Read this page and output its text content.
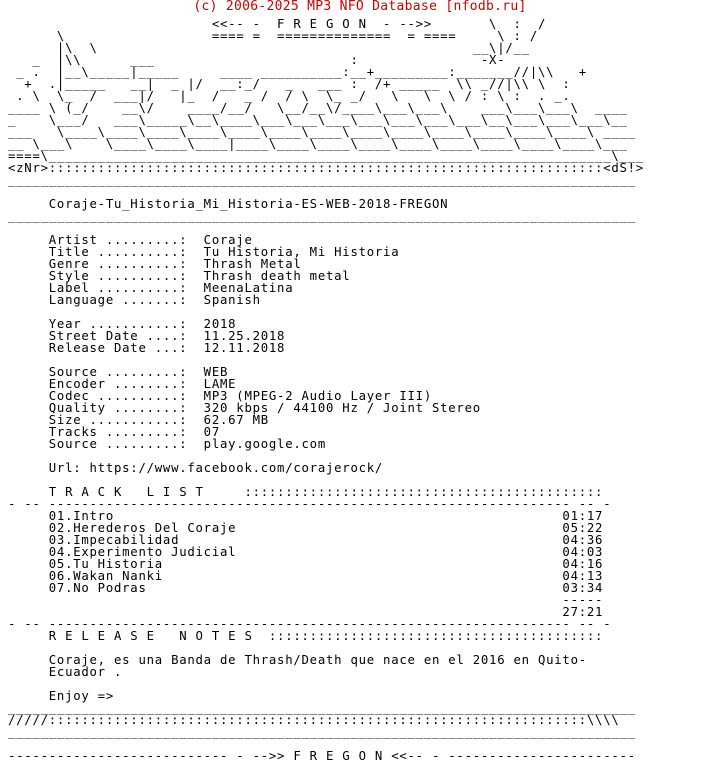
(c) 2006-2025 MP3 NFO Database [nfodb.ru]
<<-- -  F R E G O N  - -->>       \  :  /
\                  ==== =  ==============  = ====     \ : /
|\  \                                              __\|/__
_  |\\      ___                        :               -X-
_ .  |__\_____|_____     ____ __________:__+_________:_______//|\\   +
+  .|_____   __|  _ |/  __:_/   _   ___ :  /+ _____  \\ _//|\\ \  :
. \  \_  /  ___|/   |_  /   _ /  / \  \_ _/   \   \  \ / : \ :  . _.
____ \ (_/    __\/    ____/__/   \__/__\/____\___\___\    ___\___\___\  ____
_    \___/   ___\_____\__\____\___\___\___\___\___\___\___\__\___\___\___\__
___   \____\____\____\____\____\____\____\____\____\____\____\____\____\ ____
__ \___\    \____\____\____|____\____\____\____\____\____\____\____\____\___
====\_____________________________________________________________________\___
<zNr>::::::::::::::::::::::::::::::::::::::::::::::::::::::::::::::::::::<dS!>
_____________________________________________________________________________

Coraje-Tu_Historia_Mi_Historia-ES-WEB-2018-FREGON
_____________________________________________________________________________

Artist .........:  Coraje
Title ..........:  Tu Historia, Mi Historia
Genre ..........:  Thrash Metal
Style ..........:  Thrash death metal
Label ..........:  MeenaLatina
Language .......:  Spanish

Year ...........:  2018
Street Date ....:  11.25.2018
Release Date ...:  12.11.2018

Source .........:  WEB
Encoder ........:  LAME
Codec ..........:  MP3 (MPEG-2 Audio Layer III)
Quality ........:  320 kbps / 44100 Hz / Joint Stereo
Size ...........:  62.67 MB
Tracks .........:  07
Source .........:  play.google.com

Url: https://www.facebook.com/corajerock/

T R A C K   L I S T     ::::::::::::::::::::::::::::::::::::::::::::
- -- ---------------------------------------------------------------- -- -
01.Intro                                                       01:17
02.Herederos Del Coraje                                        05:22
03.Impecabilidad                                               04:36
04.Experimento Judicial                                        04:03
05.Tu Historia                                                 04:16
06.Wakan Nanki                                                 04:13
07.No Podras                                                   03:34
-----
27:21
- -- ---------------------------------------------------------------- -- -
R E L E A S E   N O T E S  :::::::::::::::::::::::::::::::::::::::::

Coraje, es una Banda de Thrash/Death que nace en el 2016 en Quito-
Ecuador .

Enjoy =>
_____________________________________________________________________________
/////::::::::::::::::::::::::::::::::::::::::::::::::::::::::::::::::::\\\\
_____________________________________________________________________________

--------------------------- - -->> F R E G O N <<-- - -----------------------
